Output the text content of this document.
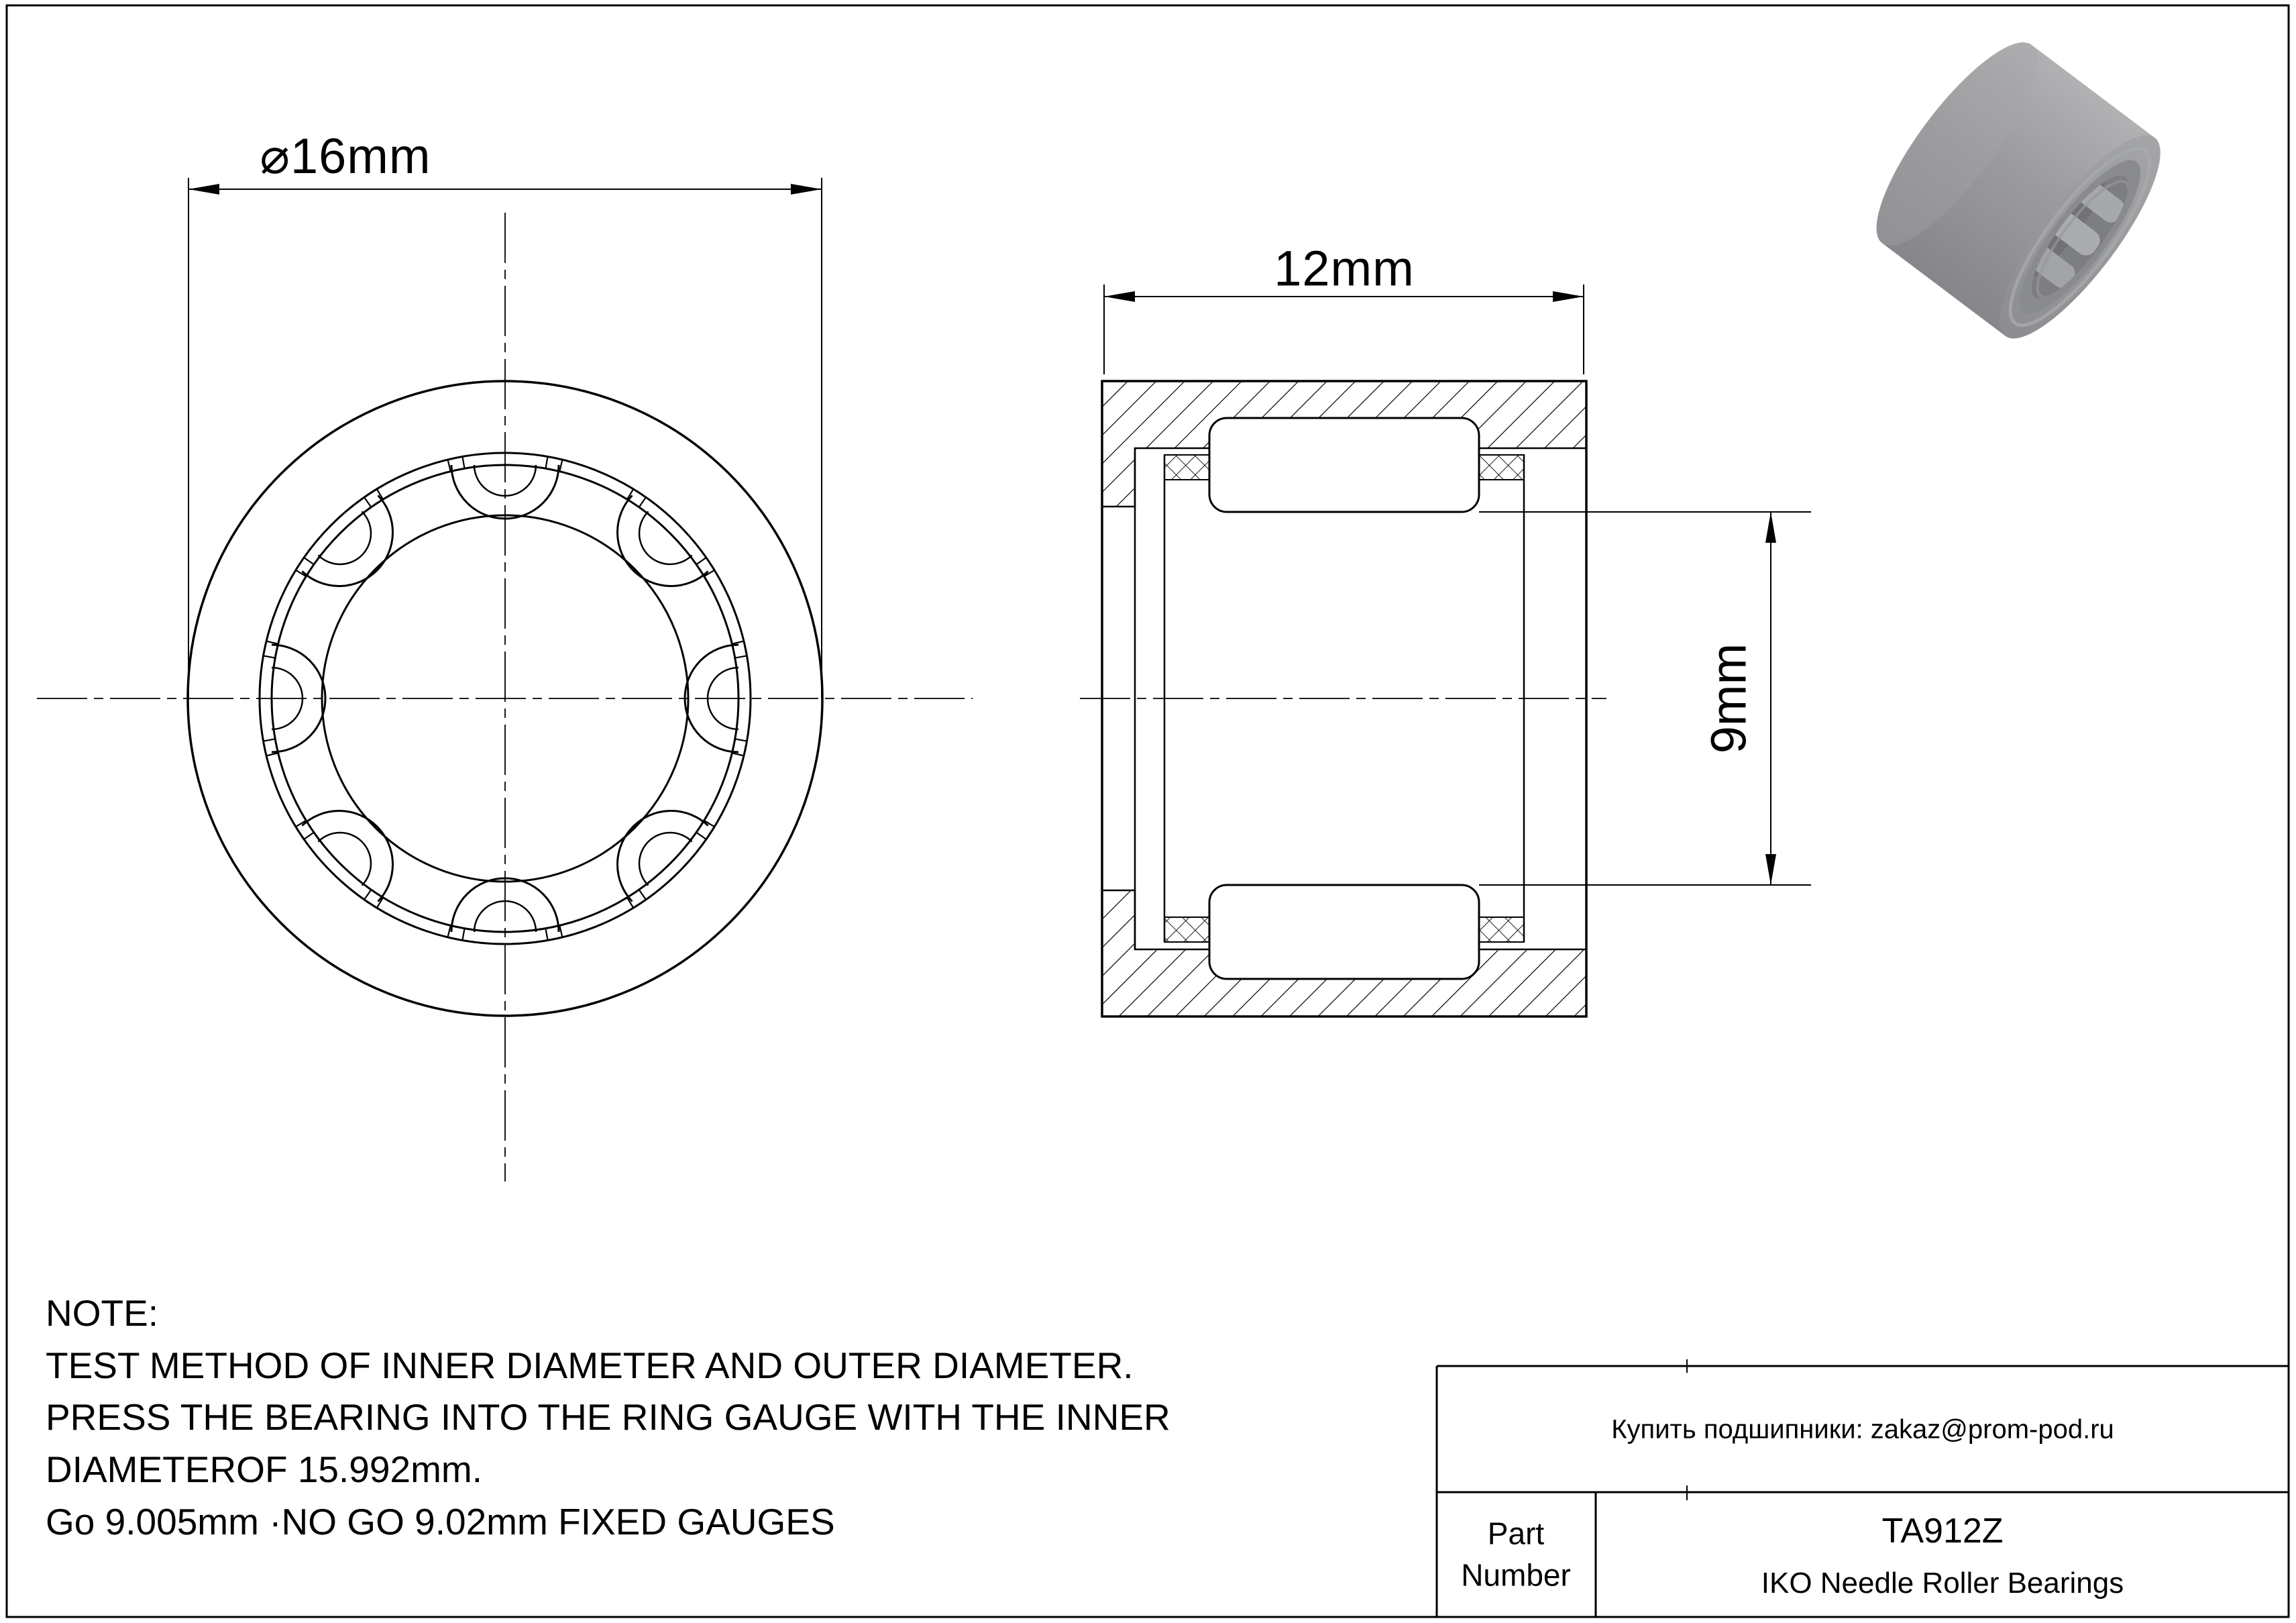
⌀16mm
12mm
9mm
NOTE:
TEST METHOD OF INNER DIAMETER AND OUTER DIAMETER.
PRESS THE BEARING INTO THE RING GAUGE WITH THE INNER
DIAMETEROF 15.992mm.
Go 9.005mm ·NO GO 9.02mm FIXED GAUGES
Купить подшипники: zakaz@prom-pod.ru
Part
Number
TA912Z
IKO Needle Roller Bearings
